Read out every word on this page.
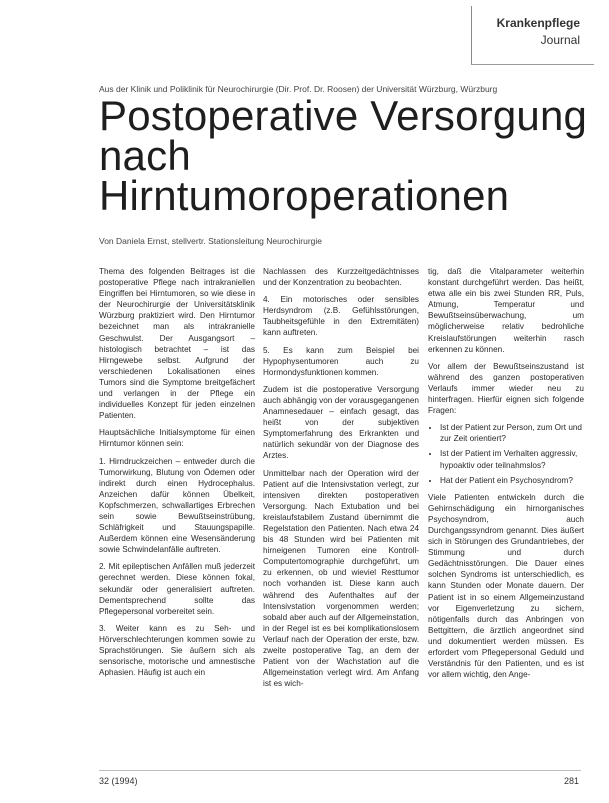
Krankenpflege
Journal
Aus der Klinik und Poliklinik für Neurochirurgie (Dir. Prof. Dr. Roosen) der Universität Würzburg, Würzburg
Postoperative Versorgung
nach
Hirntumoroperationen
Von Daniela Ernst, stellvertr. Stationsleitung Neurochirurgie

Thema des folgenden Beitrages ist die postoperative Pflege nach intrakraniellen Eingriffen bei Hirntumoren, so wie diese in der Neurochirurgie der Universitätsklinik Würzburg praktiziert wird. Den Hirntumor bezeichnet man als intrakranielle Geschwulst. Der Ausgangsort – histologisch betrachtet – ist das Hirngewebe selbst. Aufgrund der verschiedenen Lokalisationen eines Tumors sind die Symptome breitgefächert und verlangen in der Pflege ein individuelles Konzept für jeden einzelnen Patienten.

Hauptsächliche Initialsymptome für einen Hirntumor können sein:

1. Hirndruckzeichen – entweder durch die Tumorwirkung, Blutung von Ödemen oder indirekt durch einen Hydrocephalus. Anzeichen dafür können Übelkeit, Kopfschmerzen, schwallartiges Erbrechen sein sowie Bewußtseinstrübung, Schläfrigkeit und Stauungspapille. Außerdem können eine Wesensänderung sowie Schwindelanfälle auftreten.

2. Mit epileptischen Anfällen muß jederzeit gerechnet werden. Diese können fokal, sekundär oder generalisiert auftreten. Dementsprechend sollte das Pflegepersonal vorbereitet sein.

3. Weiter kann es zu Seh- und Hörverschlechterungen kommen sowie zu Sprachstörungen. Sie äußern sich als sensorische, motorische und amnestische Aphasien. Häufig ist auch ein

Nachlassen des Kurzzeitgedächtnisses und der Konzentration zu beobachten.

4. Ein motorisches oder sensibles Herdsyndrom (z.B. Gefühlsstörungen, Taubheitsgefühle in den Extremitäten) kann auftreten.

5. Es kann zum Beispiel bei Hypophysentumoren auch zu Hormondysfunktionen kommen.

Zudem ist die postoperative Versorgung auch abhängig von der vorausgegangenen Anamnesedauer – einfach gesagt, das heißt von der subjektiven Symptomerfahrung des Erkrankten und natürlich sekundär von der Diagnose des Arztes.

Unmittelbar nach der Operation wird der Patient auf die Intensivstation verlegt, zur intensiven direkten postoperativen Versorgung. Nach Extubation und bei kreislaufstabilem Zustand übernimmt die Regelstation den Patienten. Nach etwa 24 bis 48 Stunden wird bei Patienten mit hirneigenen Tumoren eine Kontroll-Computertomographie durchgeführt, um zu erkennen, ob und wieviel Resttumor noch vorhanden ist. Diese kann auch während des Aufenthaltes auf der Intensivstation vorgenommen werden; sobald aber auch auf der Allgemeinstation, in der Regel ist es bei komplikationslosem Verlauf nach der Operation der erste, bzw. zweite postoperative Tag, an dem der Patient von der Wachstation auf die Allgemeinstation verlegt wird. Am Anfang ist es wich-

tig, daß die Vitalparameter weiterhin konstant durchgeführt werden. Das heißt, etwa alle ein bis zwei Stunden RR, Puls, Atmung, Temperatur und Bewußtseinsüberwachung, um möglicherweise relativ bedrohliche Kreislaufstörungen weiterhin rasch erkennen zu können.

Vor allem der Bewußtseinszustand ist während des ganzen postoperativen Verlaufs immer wieder neu zu hinterfragen. Hierfür eignen sich folgende Fragen:

• Ist der Patient zur Person, zum Ort und zur Zeit orientiert?
• Ist der Patient im Verhalten aggressiv, hypoaktiv oder teilnahmslos?
• Hat der Patient ein Psychosyndrom?

Viele Patienten entwickeln durch die Gehirnschädigung ein hirnorganisches Psychosyndrom, auch Durchgangssyndrom genannt. Dies äußert sich in Störungen des Grundantriebes, der Stimmung und durch Gedächtnisstörungen. Die Dauer eines solchen Syndroms ist unterschiedlich, es kann Stunden oder Monate dauern. Der Patient ist in so einem Allgemeinzustand vor Eigenverletzung zu sichern, nötigenfalls durch das Anbringen von Bettgittern, die ärztlich angeordnet sind und dokumentiert werden müssen. Es erfordert vom Pflegepersonal Geduld und Verständnis für den Patienten, und es ist vor allem wichtig, den Ange-

32 (1994)	281
